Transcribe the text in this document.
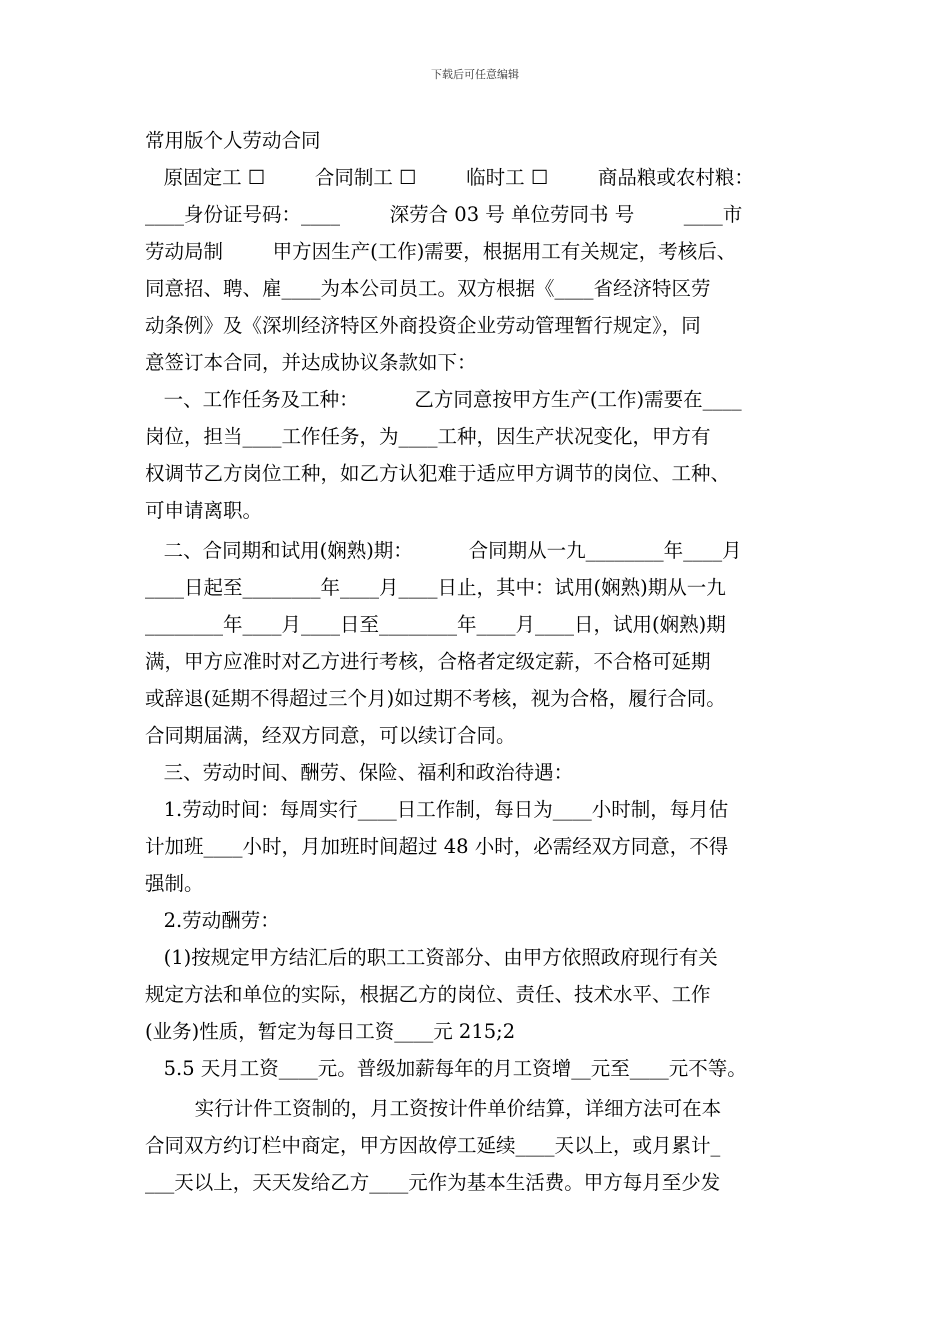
下载后可任意编辑
常用版个人劳动合同
原固定工 ☐        合同制工 ☐        临时工 ☐        商品粮或农村粮：
____身份证号码：____        深劳合 03 号 单位劳同书 号        ____市
劳动局制        甲方因生产(工作)需要，根据用工有关规定，考核后、
同意招、聘、雇____为本公司员工。双方根据《____省经济特区劳
动条例》及《深圳经济特区外商投资企业劳动管理暂行规定》，同
意签订本合同，并达成协议条款如下：
一、工作任务及工种：         乙方同意按甲方生产(工作)需要在____
岗位，担当____工作任务，为____工种，因生产状况变化，甲方有
权调节乙方岗位工种，如乙方认犯难于适应甲方调节的岗位、工种、
可申请离职。
二、合同期和试用(娴熟)期：         合同期从一九________年____月
____日起至________年____月____日止，其中：试用(娴熟)期从一九
________年____月____日至________年____月____日，试用(娴熟)期
满，甲方应准时对乙方进行考核，合格者定级定薪，不合格可延期
或辞退(延期不得超过三个月)如过期不考核，视为合格，履行合同。
合同期届满，经双方同意，可以续订合同。
三、劳动时间、酬劳、保险、福利和政治待遇：
1.劳动时间：每周实行____日工作制，每日为____小时制，每月估
计加班____小时，月加班时间超过 48 小时，必需经双方同意，不得
强制。
2.劳动酬劳：
(1)按规定甲方结汇后的职工工资部分、由甲方依照政府现行有关
规定方法和单位的实际，根据乙方的岗位、责任、技术水平、工作
(业务)性质，暂定为每日工资____元 215;2
5.5 天月工资____元。普级加薪每年的月工资增__元至____元不等。
实行计件工资制的，月工资按计件单价结算，详细方法可在本
合同双方约订栏中商定，甲方因故停工延续____天以上，或月累计_
___天以上，天天发给乙方____元作为基本生活费。甲方每月至少发
